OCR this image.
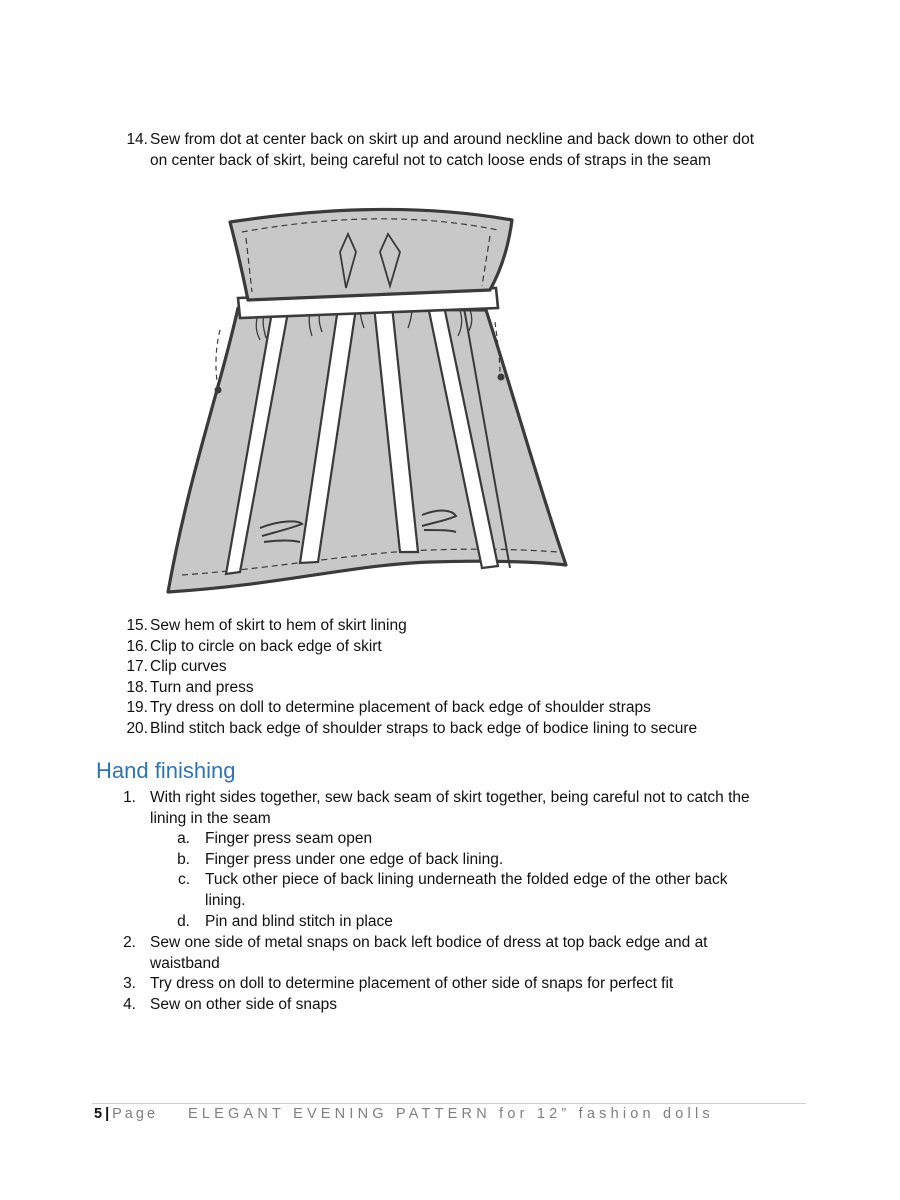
14. Sew from dot at center back on skirt up and around neckline and back down to other dot
on center back of skirt, being careful not to catch loose ends of straps in the seam
15. Sew hem of skirt to hem of skirt lining
16. Clip to circle on back edge of skirt
17. Clip curves
18. Turn and press
19. Try dress on doll to determine placement of back edge of shoulder straps
20. Blind stitch back edge of shoulder straps to back edge of bodice lining to secure
Hand finishing
1. With right sides together, sew back seam of skirt together, being careful not to catch the
lining in the seam
a. Finger press seam open
b. Finger press under one edge of back lining.
c. Tuck other piece of back lining underneath the folded edge of the other back
lining.
d. Pin and blind stitch in place
2. Sew one side of metal snaps on back left bodice of dress at top back edge and at
waistband
3. Try dress on doll to determine placement of other side of snaps for perfect fit
4. Sew on other side of snaps
5 | Page ELEGANT EVENING PATTERN for 12” fashion dolls
